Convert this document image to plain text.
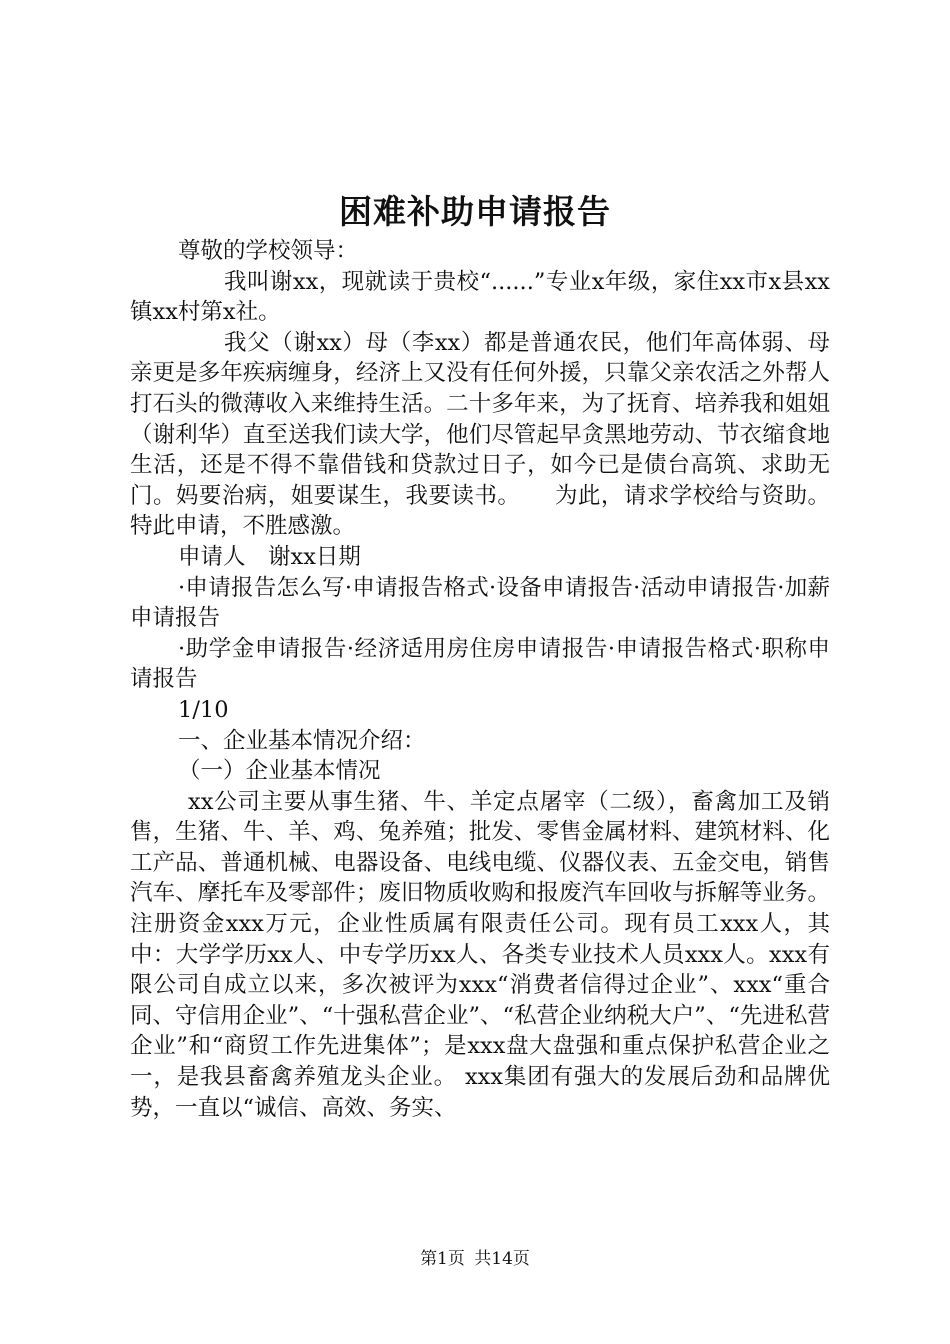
困难补助申请报告

尊敬的学校领导：

我叫谢xx，现就读于贵校“......”专业x年级，家住xx市x县xx镇xx村第x社。

我父（谢xx）母（李xx）都是普通农民，他们年高体弱、母亲更是多年疾病缠身，经济上又没有任何外援，只靠父亲农活之外帮人打石头的微薄收入来维持生活。二十多年来，为了抚育、培养我和姐姐（谢利华）直至送我们读大学，他们尽管起早贪黑地劳动、节衣缩食地生活，还是不得不靠借钱和贷款过日子，如今已是债台高筑、求助无门。妈要治病，姐要谋生，我要读书。　　为此，请求学校给与资助。特此申请，不胜感激。

申请人　谢xx日期

·申请报告怎么写·申请报告格式·设备申请报告·活动申请报告·加薪申请报告

·助学金申请报告·经济适用房住房申请报告·申请报告格式·职称申请报告

1/10

一、企业基本情况介绍：

（一）企业基本情况

xx公司主要从事生猪、牛、羊定点屠宰（二级），畜禽加工及销售，生猪、牛、羊、鸡、兔养殖；批发、零售金属材料、建筑材料、化工产品、普通机械、电器设备、电线电缆、仪器仪表、五金交电，销售汽车、摩托车及零部件；废旧物质收购和报废汽车回收与拆解等业务。注册资金xxx万元，企业性质属有限责任公司。现有员工xxx人，其中：大学学历xx人、中专学历xx人、各类专业技术人员xxx人。xxx有限公司自成立以来，多次被评为xxx“消费者信得过企业”、xxx“重合同、守信用企业”、“十强私营企业”、“私营企业纳税大户”、“先进私营企业”和“商贸工作先进集体”；是xxx盘大盘强和重点保护私营企业之一，是我县畜禽养殖龙头企业。 xxx集团有强大的发展后劲和品牌优势，一直以“诚信、高效、务实、

第1页 共14页
